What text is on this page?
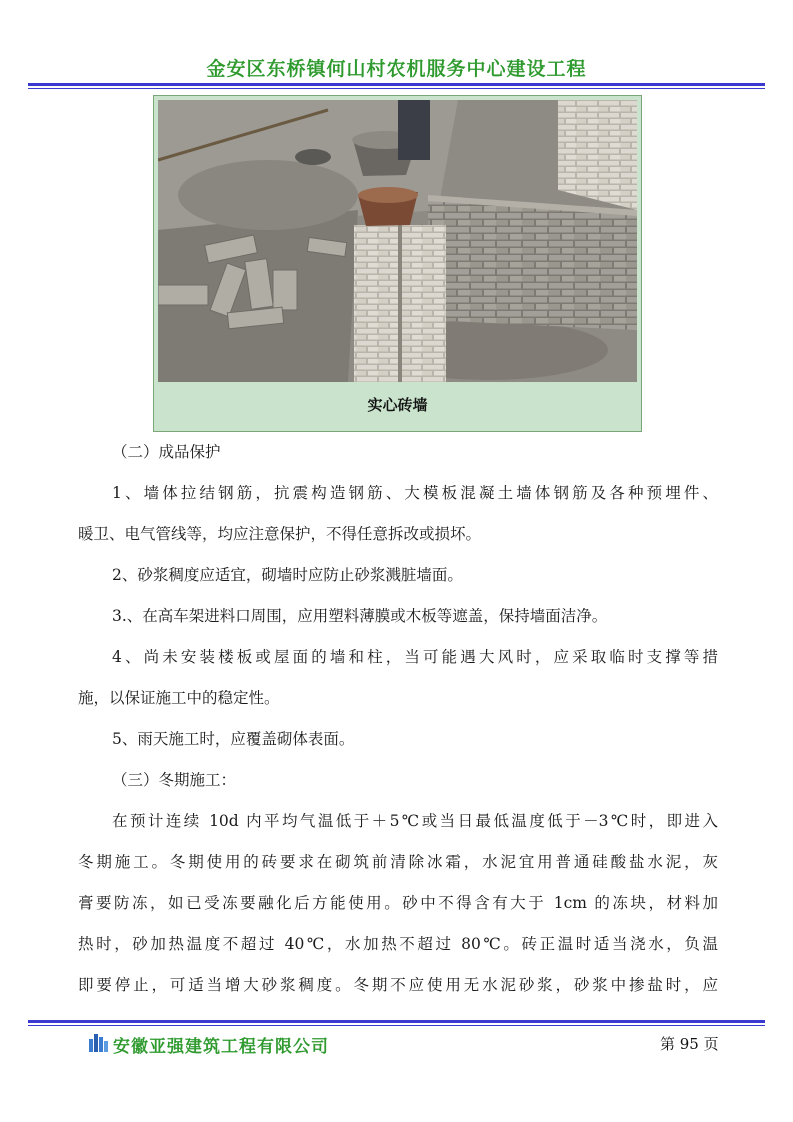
金安区东桥镇何山村农机服务中心建设工程
实心砖墙
（二）成品保护
1、墙体拉结钢筋，抗震构造钢筋、大模板混凝土墙体钢筋及各种预埋件、
暖卫、电气管线等，均应注意保护，不得任意拆改或损坏。
2、砂浆稠度应适宜，砌墙时应防止砂浆溅脏墙面。
3.、在高车架进料口周围，应用塑料薄膜或木板等遮盖，保持墙面洁净。
4、尚未安装楼板或屋面的墙和柱，当可能遇大风时，应采取临时支撑等措
施，以保证施工中的稳定性。
5、雨天施工时，应覆盖砌体表面。
（三）冬期施工：
在预计连续 10d 内平均气温低于＋5℃或当日最低温度低于－3℃时，即进入
冬期施工。冬期使用的砖要求在砌筑前清除冰霜，水泥宜用普通硅酸盐水泥，灰
膏要防冻，如已受冻要融化后方能使用。砂中不得含有大于 1cm 的冻块，材料加
热时，砂加热温度不超过 40℃，水加热不超过 80℃。砖正温时适当浇水，负温
即要停止，可适当增大砂浆稠度。冬期不应使用无水泥砂浆，砂浆中掺盐时，应
安徽亚强建筑工程有限公司	第 95 页
